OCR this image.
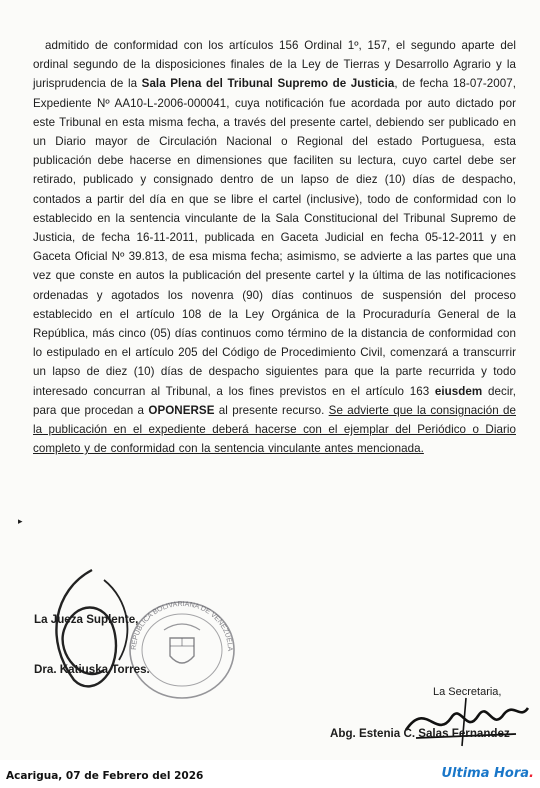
admitido de conformidad con los artículos 156 Ordinal 1º, 157, el segundo aparte del ordinal segundo de la disposiciones finales de la Ley de Tierras y Desarrollo Agrario y la jurisprudencia de la Sala Plena del Tribunal Supremo de Justicia, de fecha 18-07-2007, Expediente Nº AA10-L-2006-000041, cuya notificación fue acordada por auto dictado por este Tribunal en esta misma fecha, a través del presente cartel, debiendo ser publicado en un Diario mayor de Circulación Nacional o Regional del estado Portuguesa, esta publicación debe hacerse en dimensiones que faciliten su lectura, cuyo cartel debe ser retirado, publicado y consignado dentro de un lapso de diez (10) días de despacho, contados a partir del día en que se libre el cartel (inclusive), todo de conformidad con lo establecido en la sentencia vinculante de la Sala Constitucional del Tribunal Supremo de Justicia, de fecha 16-11-2011, publicada en Gaceta Judicial en fecha 05-12-2011 y en Gaceta Oficial Nº 39.813, de esa misma fecha; asimismo, se advierte a las partes que una vez que conste en autos la publicación del presente cartel y la última de las notificaciones ordenadas y agotados los novenra (90) días continuos de suspensión del proceso establecido en el artículo 108 de la Ley Orgánica de la Procuraduría General de la República, más cinco (05) días continuos como término de la distancia de conformidad con lo estipulado en el artículo 205 del Código de Procedimiento Civil, comenzará a transcurrir un lapso de diez (10) días de despacho siguientes para que la parte recurrida y todo interesado concurran al Tribunal, a los fines previstos en el artículo 163 eiusdem decir, para que procedan a OPONERSE al presente recurso. Se advierte que la consignación de la publicación en el expediente deberá hacerse con el ejemplar del Periódico o Diario completo y de conformidad con la sentencia vinculante antes mencionada.
▸
REPÚBLICA BOLIVARIANA DE VENEZUELA
La Jueza Suplente,
Dra. Katiuska Torres.
La Secretaria,
Abg. Estenia C. Salas Fernandez
Acarigua, 07 de Febrero del 2026	Ultima Hora.
